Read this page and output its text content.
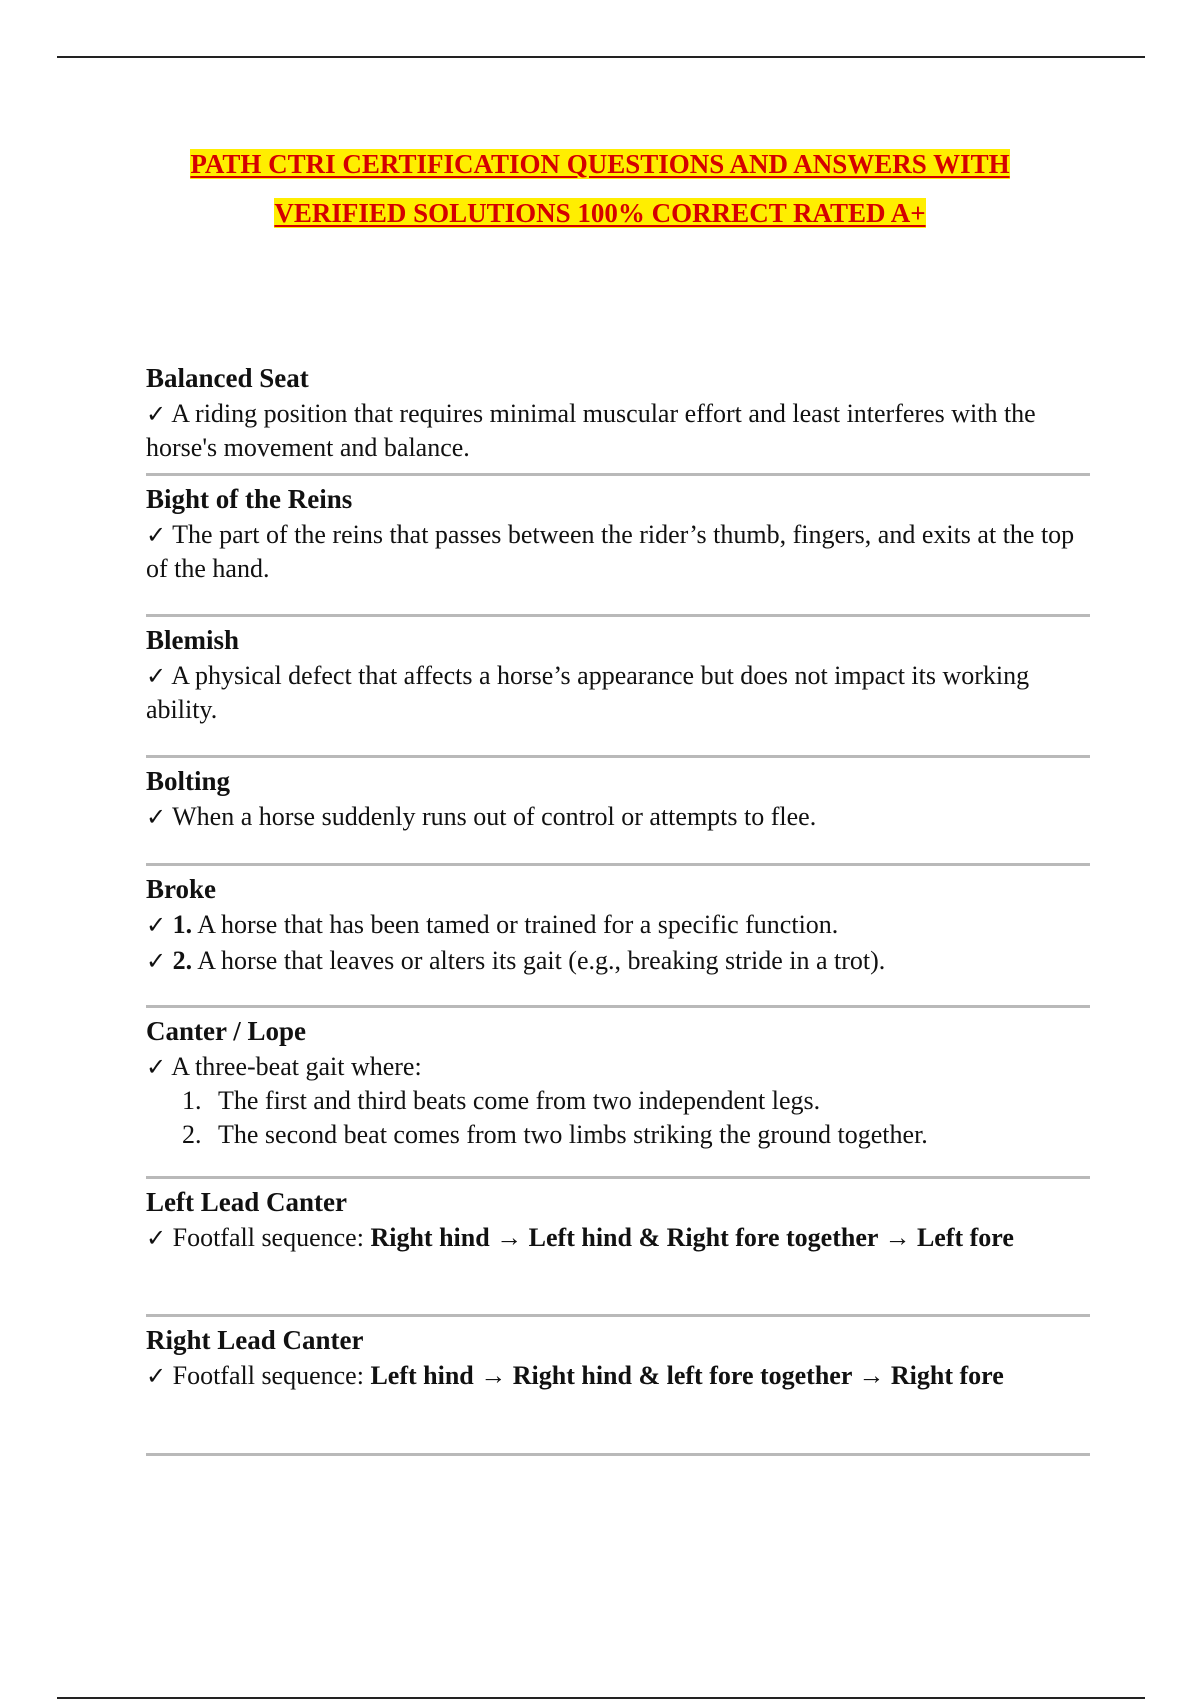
PATH CTRI CERTIFICATION QUESTIONS AND ANSWERS WITH
VERIFIED SOLUTIONS 100% CORRECT RATED A+

Balanced Seat

✓ A riding position that requires minimal muscular effort and least interferes with the horse's movement and balance.

Bight of the Reins

✓ The part of the reins that passes between the rider’s thumb, fingers, and exits at the top of the hand.

Blemish

✓ A physical defect that affects a horse’s appearance but does not impact its working ability.

Bolting

✓ When a horse suddenly runs out of control or attempts to flee.

Broke

✓ 1. A horse that has been tamed or trained for a specific function.

✓ 2. A horse that leaves or alters its gait (e.g., breaking stride in a trot).

Canter / Lope

✓ A three-beat gait where:

1. The first and third beats come from two independent legs.
2. The second beat comes from two limbs striking the ground together.

Left Lead Canter

✓ Footfall sequence: Right hind → Left hind & Right fore together → Left fore

Right Lead Canter

✓ Footfall sequence: Left hind → Right hind & left fore together → Right fore
